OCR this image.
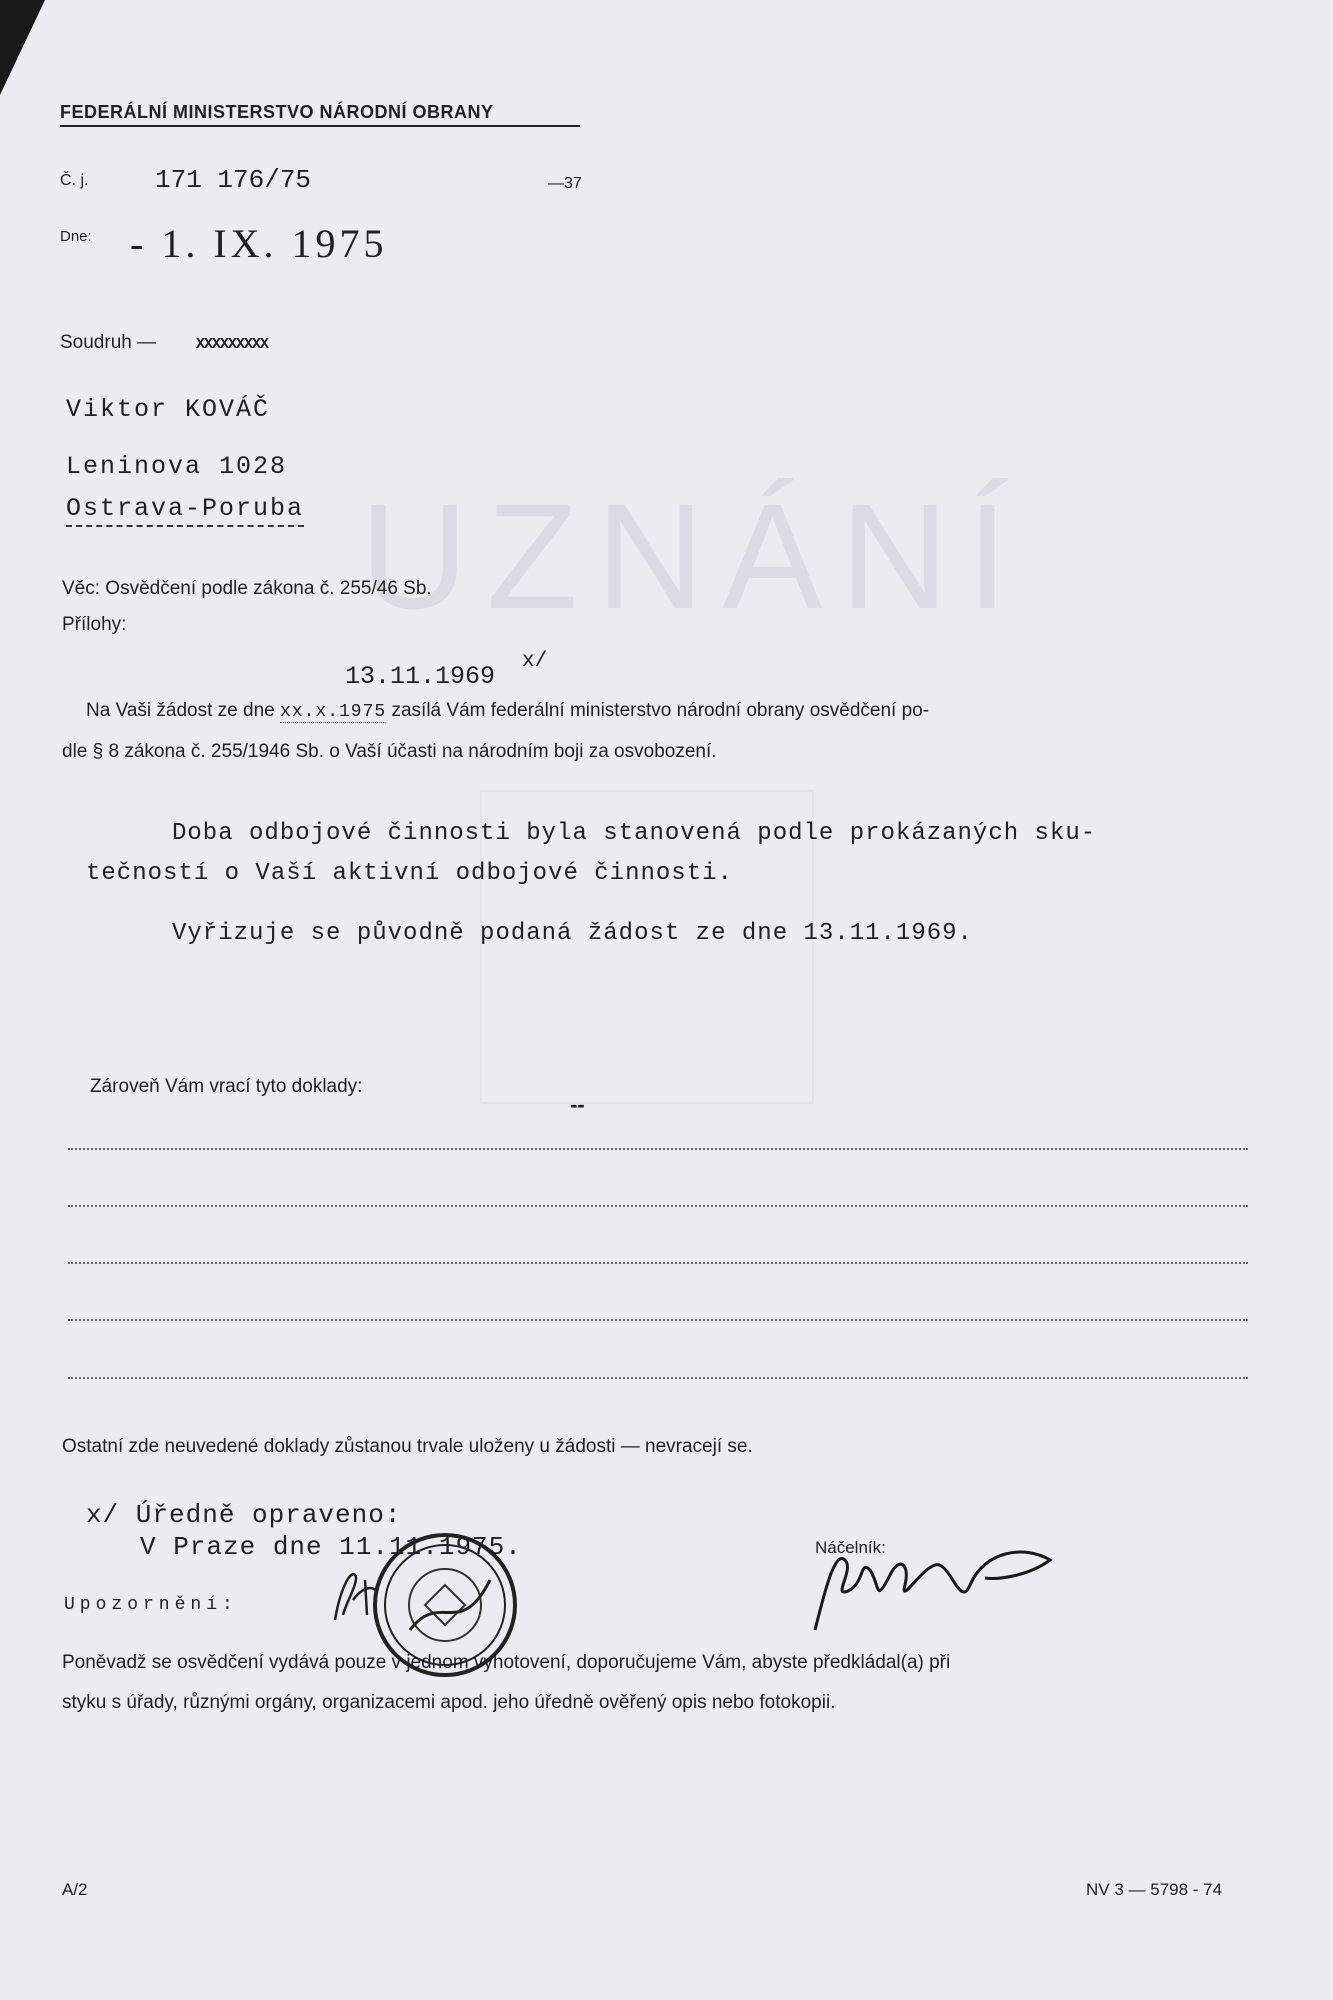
UZNÁNÍ
FEDERÁLNÍ MINISTERSTVO NÁRODNÍ OBRANY
Č. j.	171 176/75	—37
Dne: - 1. IX. 1975
Soudruh —	XXXXXXXXX
Viktor KOVÁČ
Leninova 1028
Ostrava-Poruba
Věc: Osvědčení podle zákona č. 255/46 Sb.
Přílohy:
13.11.1969
x/
Na Vaši žádost ze dne xx.x.1975 zasílá Vám federální ministerstvo národní obrany osvědčení po-
dle § 8 zákona č. 255/1946 Sb. o Vaší účasti na národním boji za osvobození.
Doba odbojové činnosti byla stanovená podle prokázaných sku-
tečností o Vaší aktivní odbojové činnosti.
Vyřizuje se původně podaná žádost ze dne 13.11.1969.
Zároveň Vám vrací tyto doklady:
--
Ostatní zde neuvedené doklady zůstanou trvale uloženy u žádosti — nevracejí se.
x/ Úředně opraveno:
V Praze dne 11.11.1975.
Upozornění:
Náčelník:
Poněvadž se osvědčení vydává pouze v jednom vyhotovení, doporučujeme Vám, abyste předkládal(a) při
styku s úřady, různými orgány, organizacemi apod. jeho úředně ověřený opis nebo fotokopii.
A/2	NV 3 — 5798 - 74
